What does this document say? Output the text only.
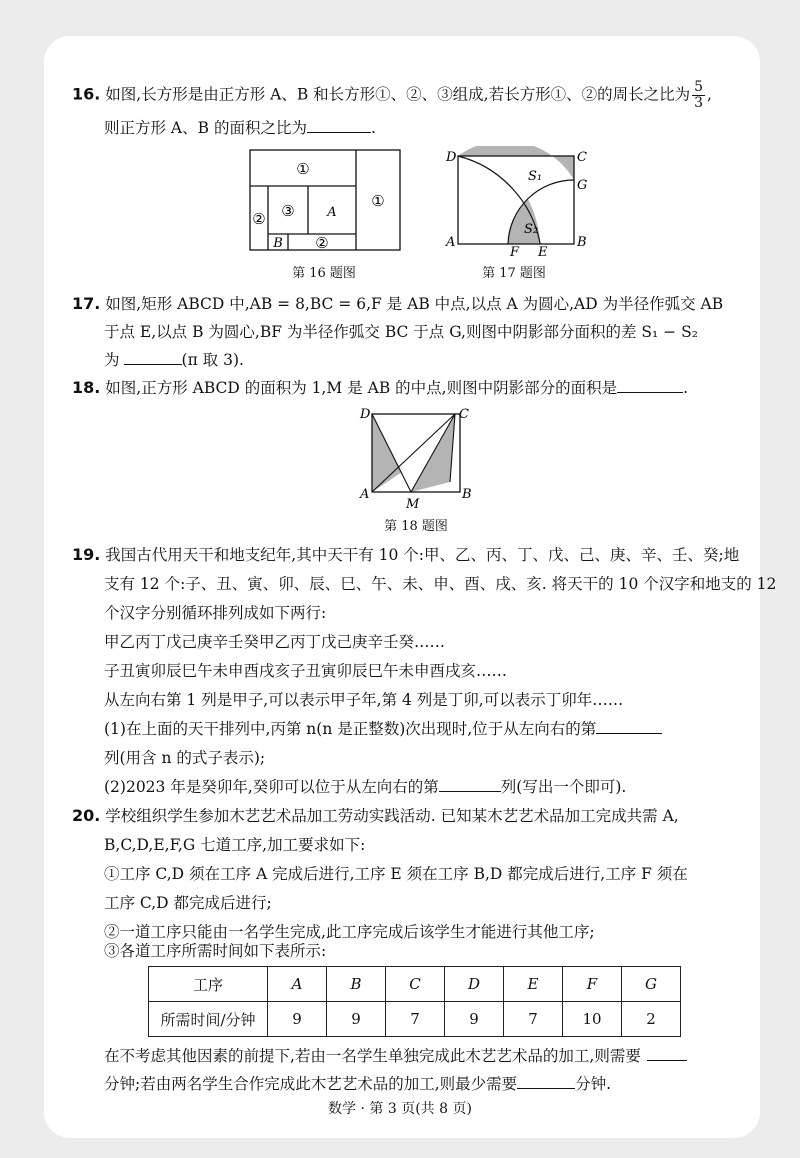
16. 如图,长方形是由正方形 A、B 和长方形①、②、③组成,若长方形①、②的周长之比为 $\frac{5}{3}$ ,
则正方形 A、B 的面积之比为	.
①
①
②
②
③	A
B
第 16 题图
D	C
G
A
F E
B
S₁
S₂
第 17 题图
17. 如图,矩形 ABCD 中,AB = 8,BC = 6,F 是 AB 中点,以点 A 为圆心,AD 为半径作弧交 AB
于点 E,以点 B 为圆心,BF 为半径作弧交 BC 于点 G,则图中阴影部分面积的差 S₁ − S₂
为	(π 取 3).
18. 如图,正方形 ABCD 的面积为 1,M 是 AB 的中点,则图中阴影部分的面积是	.
D	C
A
M
B
第 18 题图
19. 我国古代用天干和地支纪年,其中天干有 10 个:甲、乙、丙、丁、戊、己、庚、辛、壬、癸;地
支有 12 个:子、丑、寅、卯、辰、巳、午、未、申、酉、戌、亥. 将天干的 10 个汉字和地支的 12
个汉字分别循环排列成如下两行:
甲乙丙丁戊己庚辛壬癸甲乙丙丁戊己庚辛壬癸……
子丑寅卯辰巳午未申酉戌亥子丑寅卯辰巳午未申酉戌亥……
从左向右第 1 列是甲子,可以表示甲子年,第 4 列是丁卯,可以表示丁卯年……
(1)在上面的天干排列中,丙第 n(n 是正整数)次出现时,位于从左向右的第
列(用含 n 的式子表示);
(2)2023 年是癸卯年,癸卯可以位于从左向右的第	列(写出一个即可).
20. 学校组织学生参加木艺艺术品加工劳动实践活动. 已知某木艺艺术品加工完成共需 A,
B,C,D,E,F,G 七道工序,加工要求如下:
①工序 C,D 须在工序 A 完成后进行,工序 E 须在工序 B,D 都完成后进行,工序 F 须在
工序 C,D 都完成后进行;
②一道工序只能由一名学生完成,此工序完成后该学生才能进行其他工序;
③各道工序所需时间如下表所示:
工序	A	B	C	D	E	F	G
所需时间/分钟	9	9	7	9	7	10	2
在不考虑其他因素的前提下,若由一名学生单独完成此木艺艺术品的加工,则需要
分钟;若由两名学生合作完成此木艺艺术品的加工,则最少需要	分钟.
数学 · 第 3 页(共 8 页)
